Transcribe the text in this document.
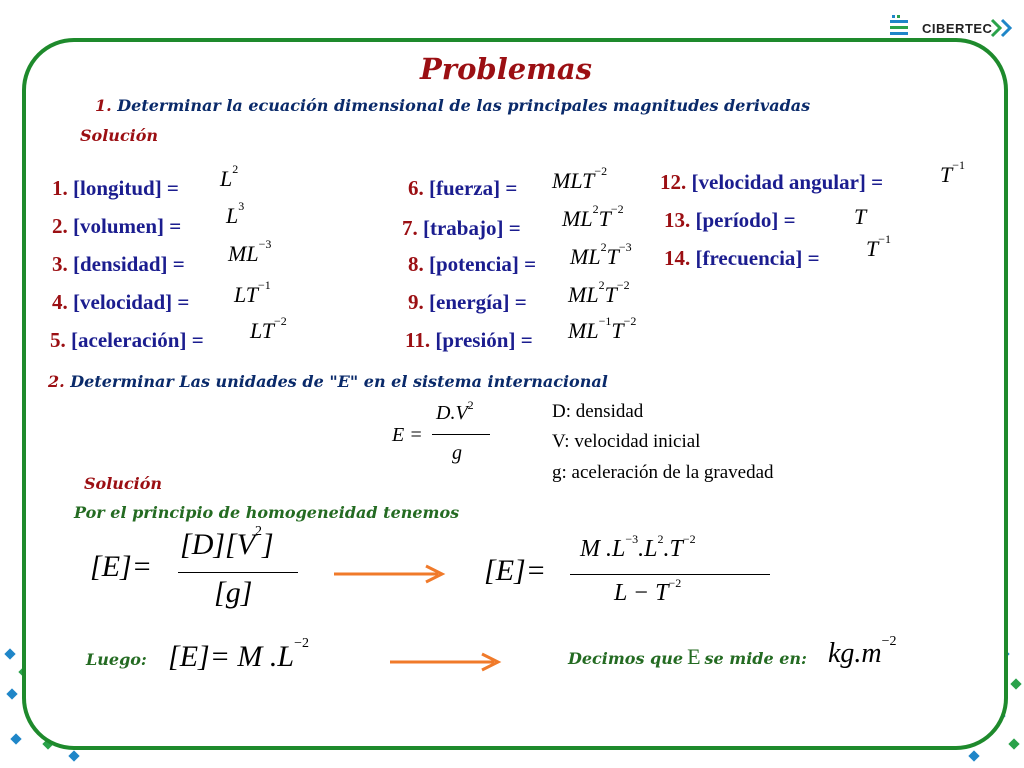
CIBERTEC
Problemas
1. Determinar la ecuación dimensional de las principales magnitudes derivadas
Solución
1. [longitud] = $L^2$
2. [volumen] = $L^3$
3. [densidad] = $ML^{-3}$
4. [velocidad] = $LT^{-1}$
5. [aceleración] = $LT^{-2}$
6. [fuerza] = $MLT^{-2}$
7. [trabajo] = $ML^2T^{-2}$
8. [potencia] = $ML^2T^{-3}$
9. [energía] = $ML^2T^{-2}$
11. [presión] = $ML^{-1}T^{-2}$
12. [velocidad angular] =	$T^{-1}$
13. [período] =	T
14. [frecuencia] = $T^{-1}$
2. Determinar Las unidades de "E" en el sistema internacional
E =
$D.V^2$
g
D: densidad
V: velocidad inicial
g: aceleración de la gravedad
Solución
Por el principio de homogeneidad tenemos
[E]=
$[D][V^2]$
[g]
[E]=
M $.L^{-3}.L^2.T^{-2}$
$L - T^{-2}$
Luego: [E]= M $.L^{-2}$
Decimos que E se mide en: $kg.m^{-2}$
